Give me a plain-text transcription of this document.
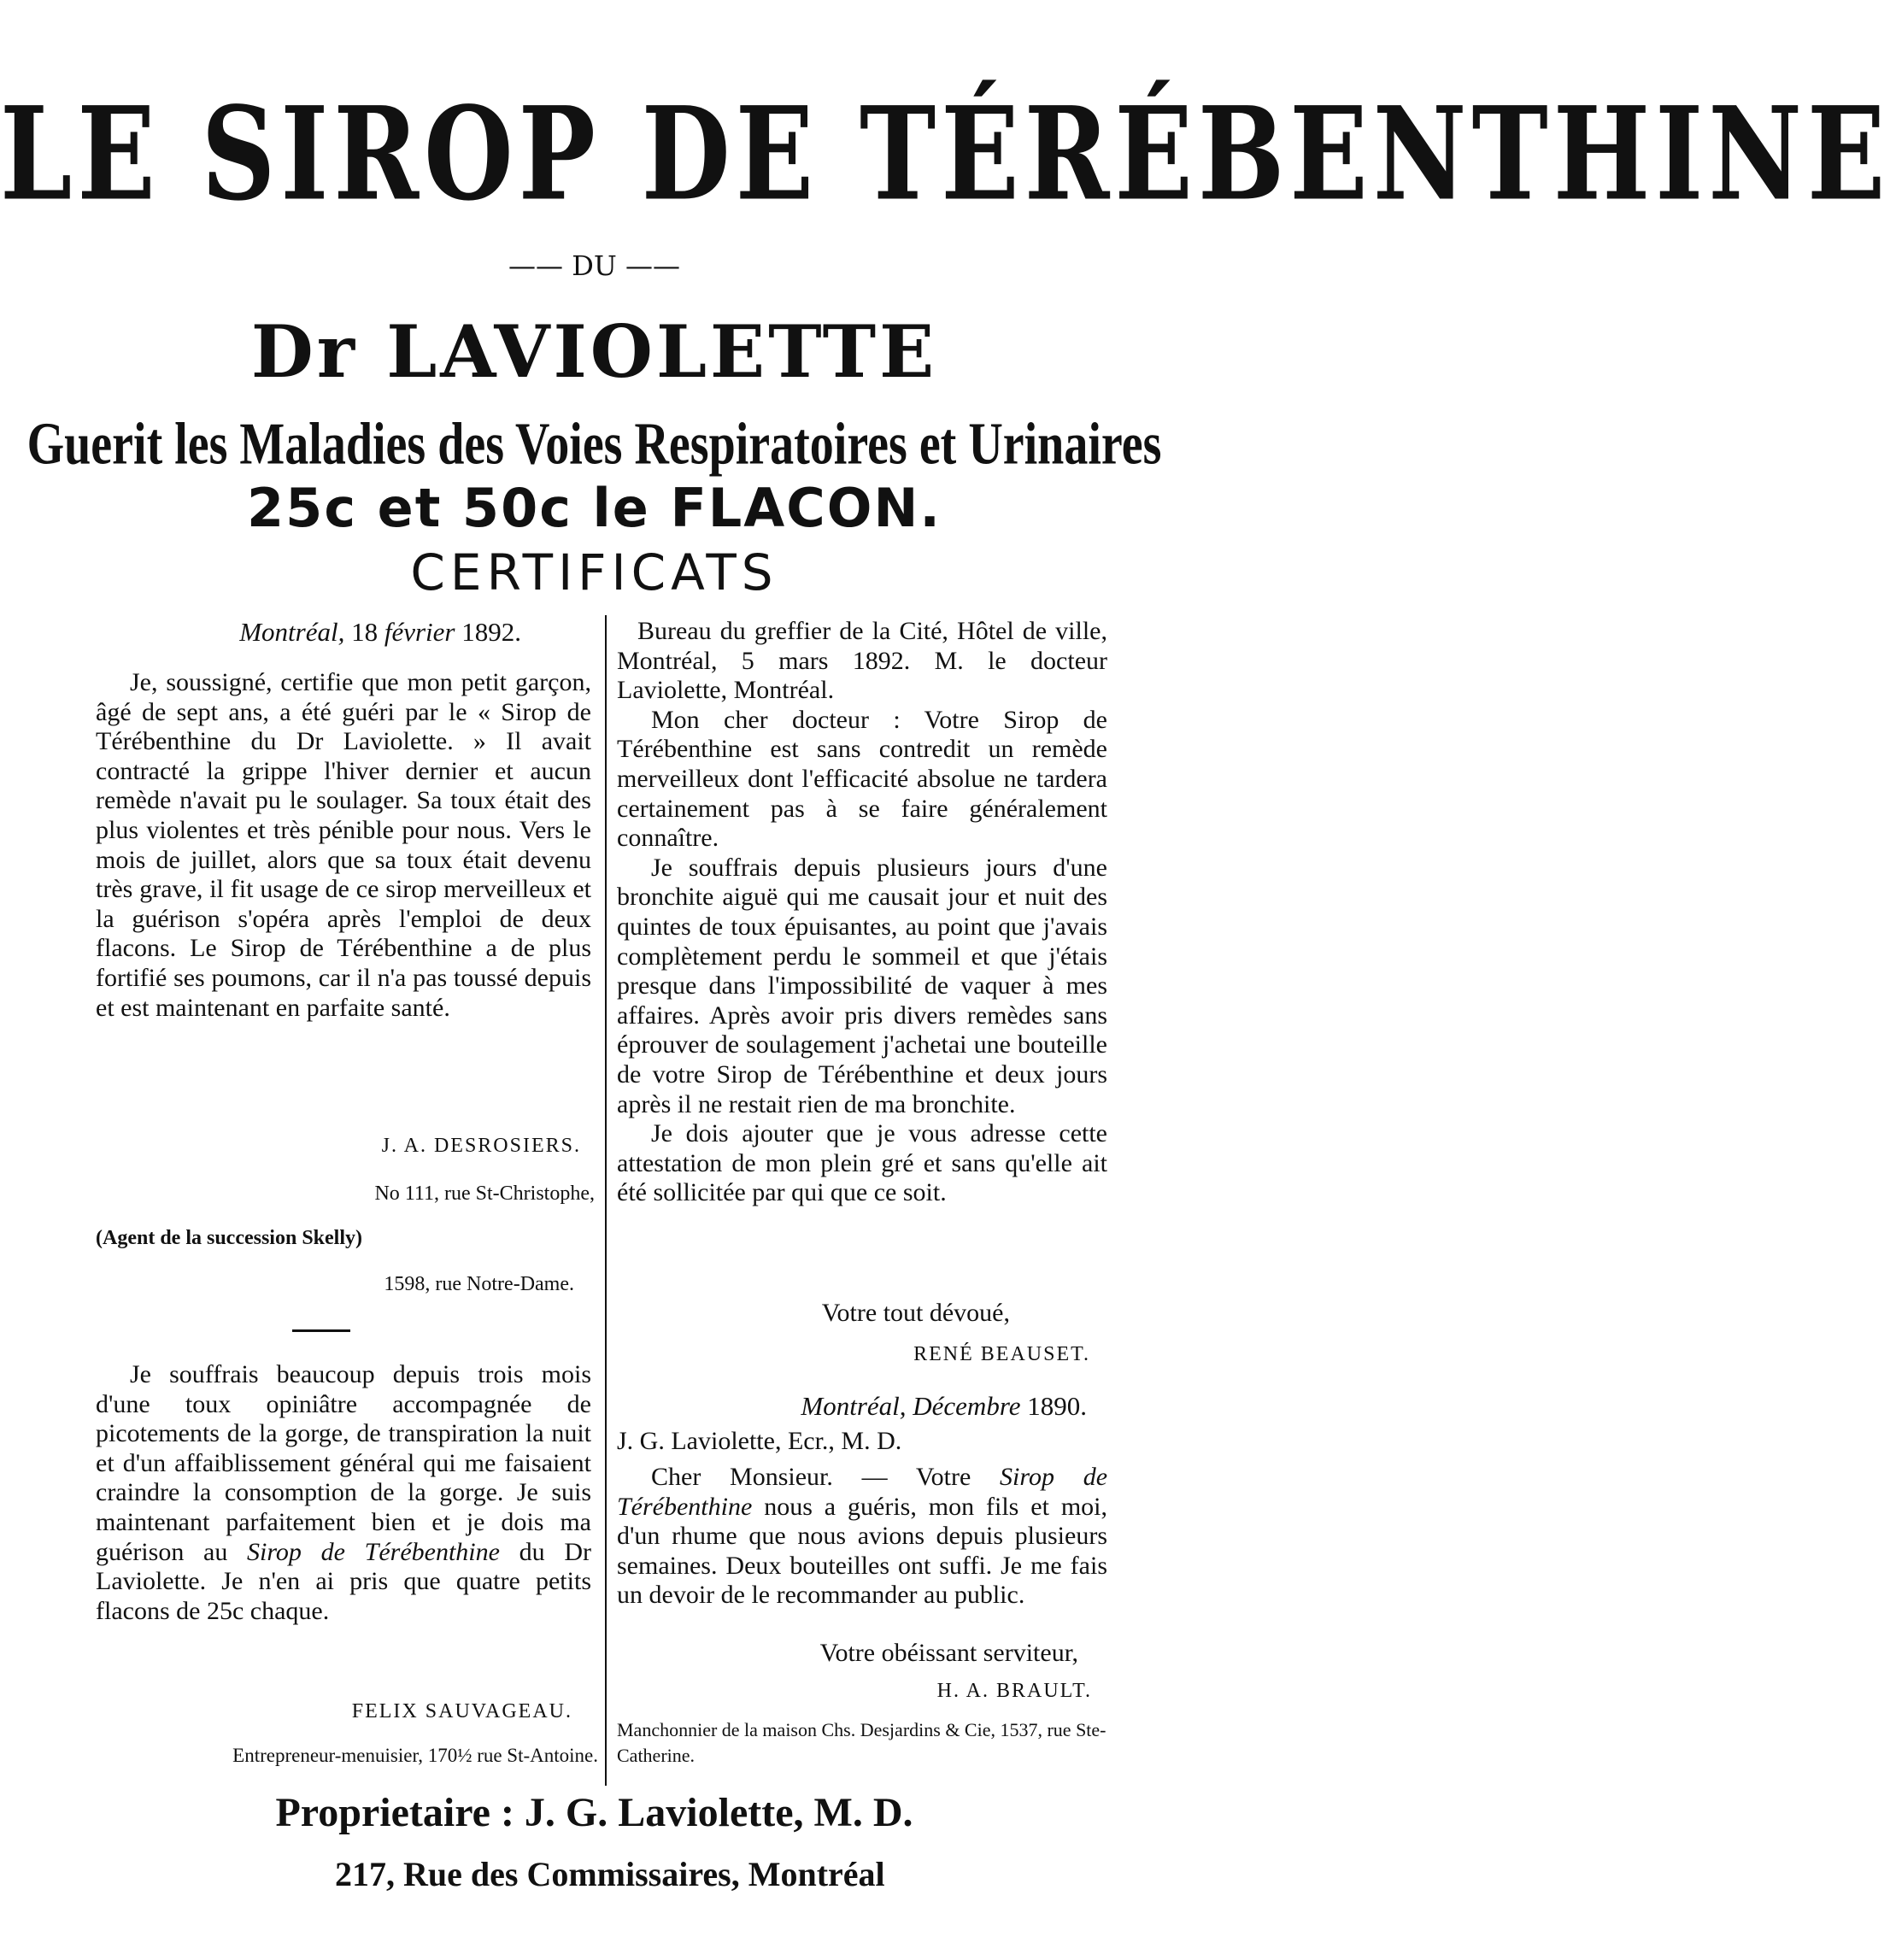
LE SIROP DE TÉRÉBENTHINE
—— DU ——
Dr LAVIOLETTE
Guerit les Maladies des Voies Respiratoires et Urinaires
25c et 50c le FLACON.
CERTIFICATS
Montréal, 18 février 1892.

Je, soussigné, certifie que mon petit garçon, âgé de sept ans, a été guéri par le « Sirop de Térébenthine du Dr Laviolette. » Il avait contracté la grippe l'hiver dernier et aucun remède n'avait pu le soulager. Sa toux était des plus violentes et très pénible pour nous. Vers le mois de juillet, alors que sa toux était devenu très grave, il fit usage de ce sirop merveilleux et la guérison s'opéra après l'emploi de deux flacons. Le Sirop de Térébenthine a de plus fortifié ses poumons, car il n'a pas toussé depuis et est maintenant en parfaite santé.

J. A. DESROSIERS.
No 111, rue St-Christophe,
(Agent de la succession Skelly)
1598, rue Notre-Dame.

Je souffrais beaucoup depuis trois mois d'une toux opiniâtre accompagnée de picotements de la gorge, de transpiration la nuit et d'un affaiblissement général qui me faisaient craindre la consomption de la gorge. Je suis maintenant parfaitement bien et je dois ma guérison au Sirop de Térébenthine du Dr Laviolette. Je n'en ai pris que quatre petits flacons de 25c chaque.

FELIX SAUVAGEAU.
Entrepreneur-menuisier, 170½ rue St-Antoine.

Bureau du greffier de la Cité, Hôtel de ville, Montréal, 5 mars 1892. M. le docteur Laviolette, Montréal.

Mon cher docteur : Votre Sirop de Térébenthine est sans contredit un remède merveilleux dont l'efficacité absolue ne tardera certainement pas à se faire généralement connaître.

Je souffrais depuis plusieurs jours d'une bronchite aiguë qui me causait jour et nuit des quintes de toux épuisantes, au point que j'avais complètement perdu le sommeil et que j'étais presque dans l'impossibilité de vaquer à mes affaires. Après avoir pris divers remèdes sans éprouver de soulagement j'achetai une bouteille de votre Sirop de Térébenthine et deux jours après il ne restait rien de ma bronchite.

Je dois ajouter que je vous adresse cette attestation de mon plein gré et sans qu'elle ait été sollicitée par qui que ce soit.

Votre tout dévoué,
RENÉ BEAUSET.
Montréal, Décembre 1890.
J. G. Laviolette, Ecr., M. D.

Cher Monsieur. — Votre Sirop de Térébenthine nous a guéris, mon fils et moi, d'un rhume que nous avions depuis plusieurs semaines. Deux bouteilles ont suffi. Je me fais un devoir de le recommander au public.

Votre obéissant serviteur,
H. A. BRAULT.
Manchonnier de la maison Chs. Desjardins & Cie, 1537, rue Ste-Catherine.
Proprietaire : J. G. Laviolette, M. D.
217, Rue des Commissaires, Montréal
